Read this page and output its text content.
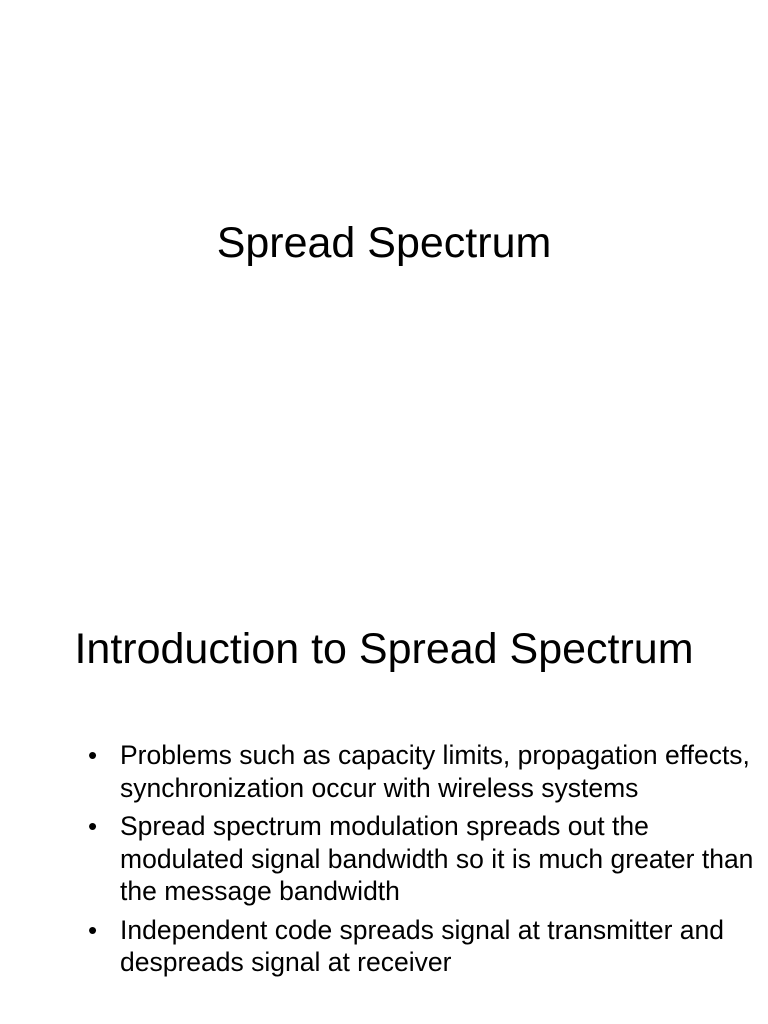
Spread Spectrum
Introduction to Spread Spectrum
• Problems such as capacity limits, propagation effects, synchronization occur with wireless systems
• Spread spectrum modulation spreads out the modulated signal bandwidth so it is much greater than the message bandwidth
• Independent code spreads signal at transmitter and despreads signal at receiver
